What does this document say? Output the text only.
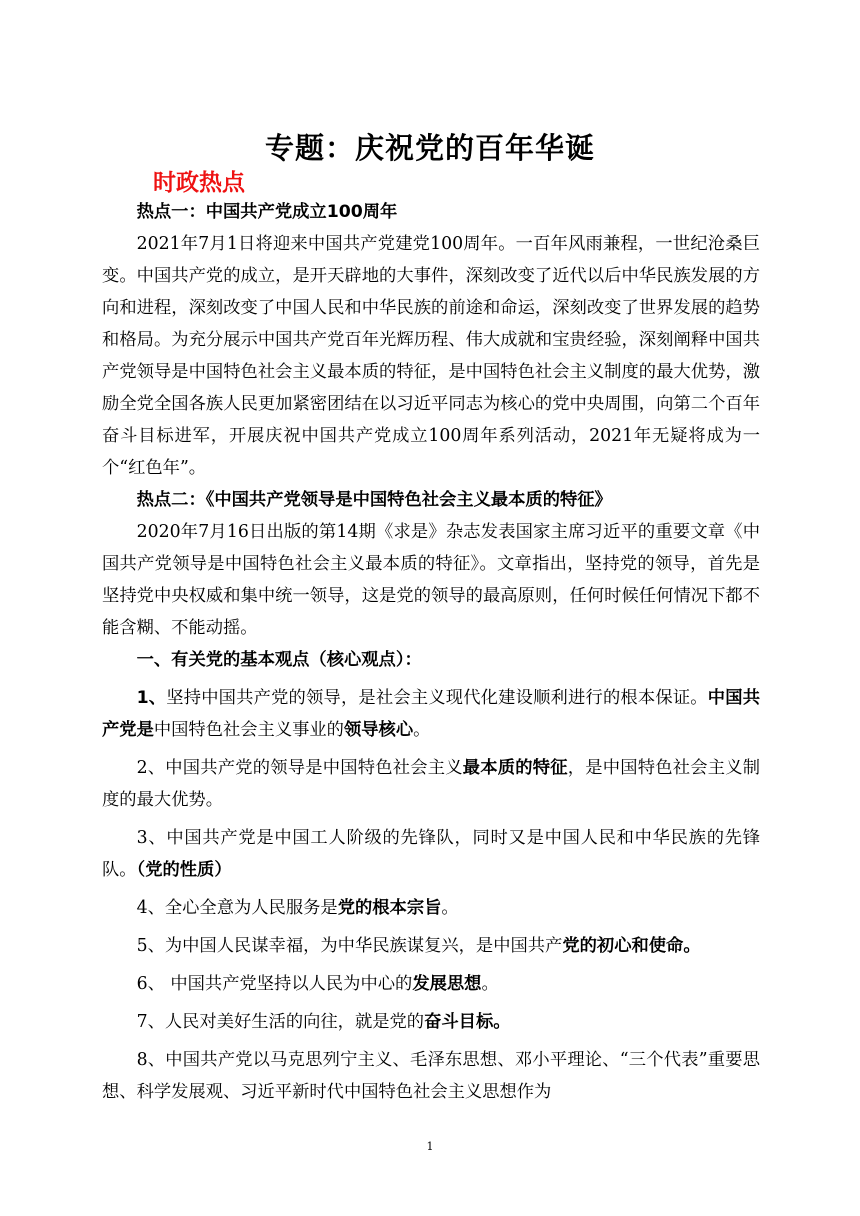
专题：庆祝党的百年华诞
时政热点

热点一：中国共产党成立100周年

2021年7月1日将迎来中国共产党建党100周年。一百年风雨兼程，一世纪沧桑巨变。中国共产党的成立，是开天辟地的大事件，深刻改变了近代以后中华民族发展的方向和进程，深刻改变了中国人民和中华民族的前途和命运，深刻改变了世界发展的趋势和格局。为充分展示中国共产党百年光辉历程、伟大成就和宝贵经验，深刻阐释中国共产党领导是中国特色社会主义最本质的特征，是中国特色社会主义制度的最大优势，激励全党全国各族人民更加紧密团结在以习近平同志为核心的党中央周围，向第二个百年奋斗目标进军，开展庆祝中国共产党成立100周年系列活动，2021年无疑将成为一个“红色年”。

热点二：《中国共产党领导是中国特色社会主义最本质的特征》

2020年7月16日出版的第14期《求是》杂志发表国家主席习近平的重要文章《中国共产党领导是中国特色社会主义最本质的特征》。文章指出，坚持党的领导，首先是坚持党中央权威和集中统一领导，这是党的领导的最高原则，任何时候任何情况下都不能含糊、不能动摇。

一、有关党的基本观点（核心观点）：

1、坚持中国共产党的领导，是社会主义现代化建设顺利进行的根本保证。中国共产党是中国特色社会主义事业的领导核心。

2、中国共产党的领导是中国特色社会主义最本质的特征，是中国特色社会主义制度的最大优势。

3、中国共产党是中国工人阶级的先锋队，同时又是中国人民和中华民族的先锋队。（党的性质）

4、全心全意为人民服务是党的根本宗旨。

5、为中国人民谋幸福，为中华民族谋复兴，是中国共产党的初心和使命。

6、 中国共产党坚持以人民为中心的发展思想。

7、人民对美好生活的向往，就是党的奋斗目标。

8、中国共产党以马克思列宁主义、毛泽东思想、邓小平理论、“三个代表”重要思想、科学发展观、习近平新时代中国特色社会主义思想作为

1
